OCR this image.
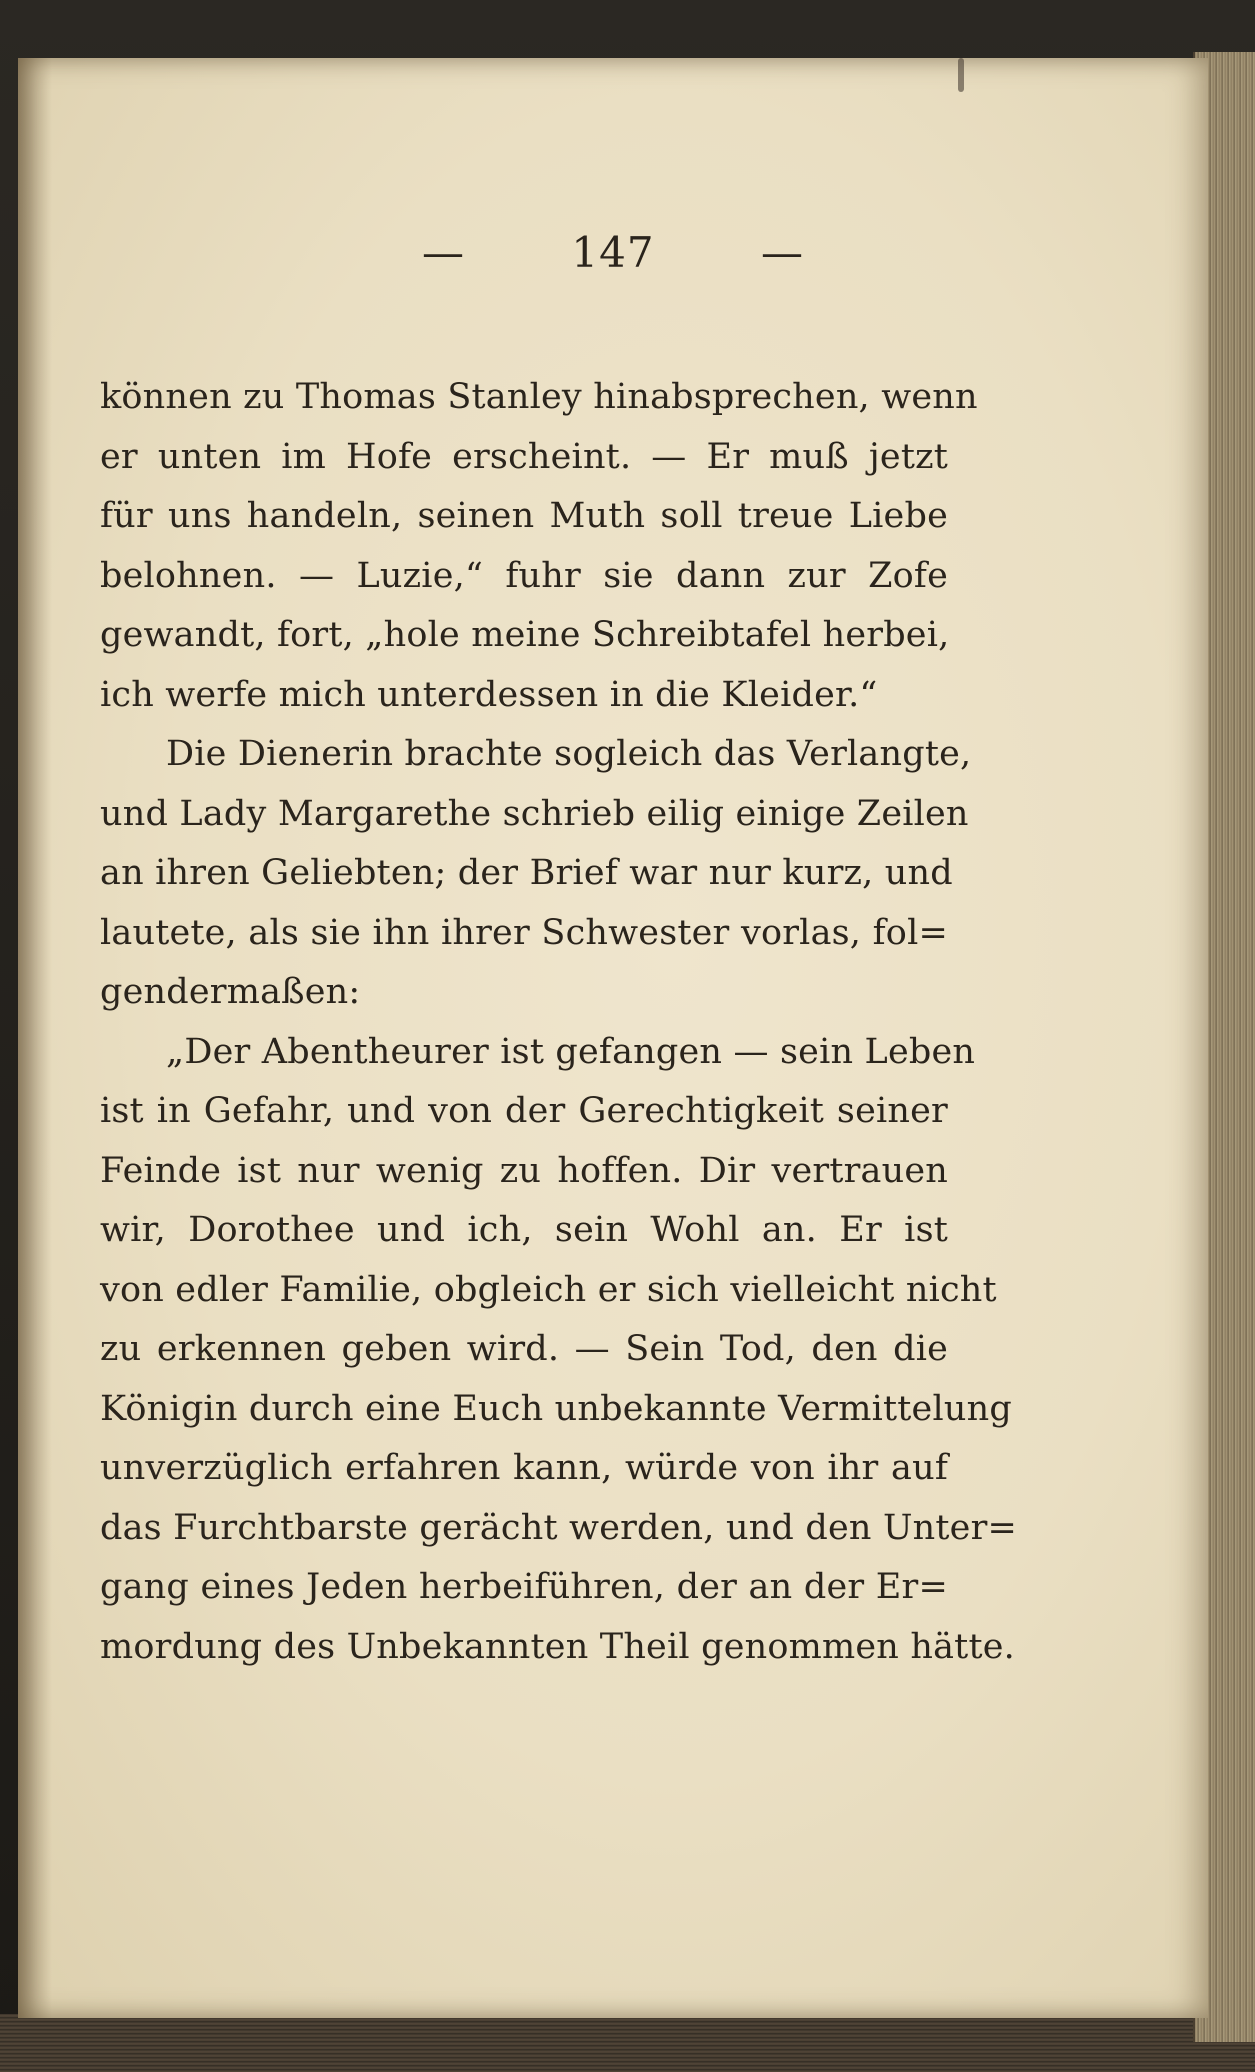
—	147	—
können zu Thomas Stanley hinabsprechen, wenn
er unten im Hofe erscheint. — Er muß jetzt
für uns handeln, seinen Muth soll treue Liebe
belohnen. — Luzie,“ fuhr sie dann zur Zofe
gewandt, fort, „hole meine Schreibtafel herbei,
ich werfe mich unterdessen in die Kleider.“
Die Dienerin brachte sogleich das Verlangte,
und Lady Margarethe schrieb eilig einige Zeilen
an ihren Geliebten; der Brief war nur kurz, und
lautete, als sie ihn ihrer Schwester vorlas, fol=
gendermaßen:
„Der Abentheurer ist gefangen — sein Leben
ist in Gefahr, und von der Gerechtigkeit seiner
Feinde ist nur wenig zu hoffen. Dir vertrauen
wir, Dorothee und ich, sein Wohl an. Er ist
von edler Familie, obgleich er sich vielleicht nicht
zu erkennen geben wird. — Sein Tod, den die
Königin durch eine Euch unbekannte Vermittelung
unverzüglich erfahren kann, würde von ihr auf
das Furchtbarste gerächt werden, und den Unter=
gang eines Jeden herbeiführen, der an der Er=
mordung des Unbekannten Theil genommen hätte.
